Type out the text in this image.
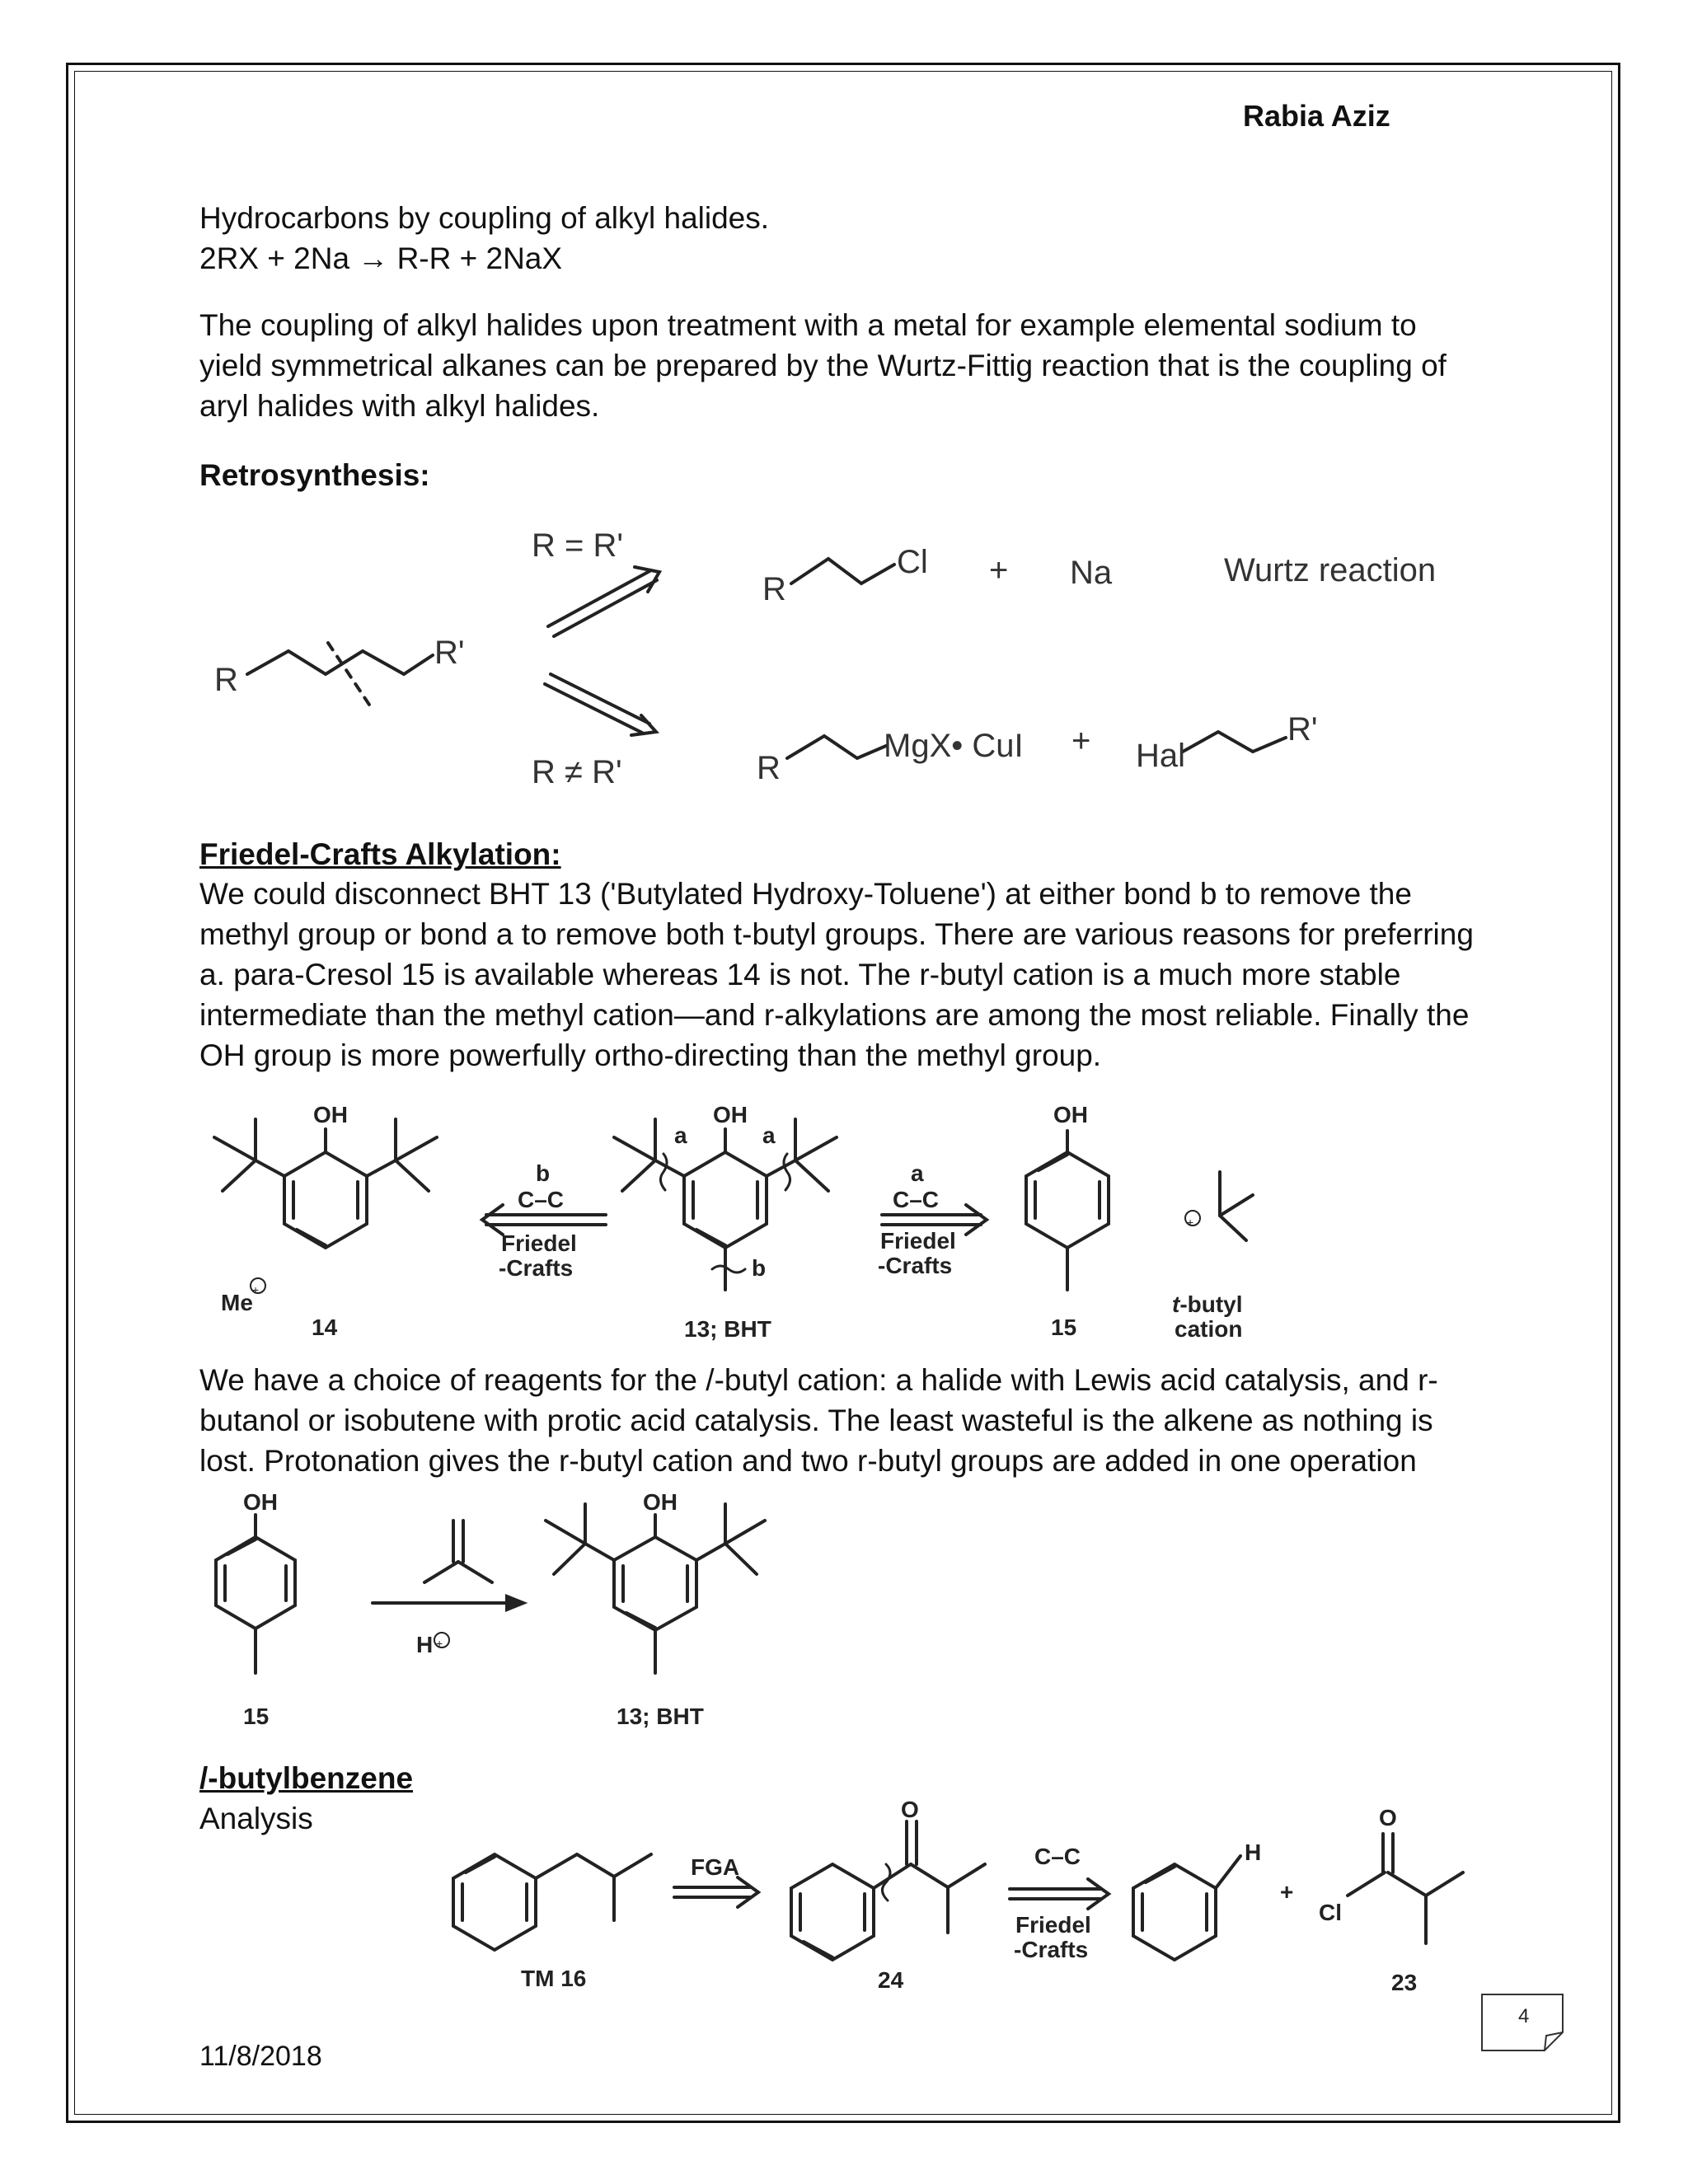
Rabia Aziz
Hydrocarbons by coupling of alkyl halides.
2RX + 2Na → R-R + 2NaX
The coupling of alkyl halides upon treatment with a metal for example elemental sodium to
yield symmetrical alkanes can be prepared by the Wurtz-Fittig reaction that is the coupling of
aryl halides with alkyl halides.
Retrosynthesis:
R
R'
R = R'
R ≠ R'
R
Cl + Na	Wurtz reaction
R
MgX• CuI + Hal
R'
Friedel-Crafts Alkylation:
We could disconnect BHT 13 ('Butylated Hydroxy-Toluene') at either bond b to remove the
methyl group or bond a to remove both t-butyl groups. There are various reasons for preferring
a. para-Cresol 15 is available whereas 14 is not. The r-butyl cation is a much more stable
intermediate than the methyl cation—and r-alkylations are among the most reliable. Finally the
OH group is more powerfully ortho-directing than the methyl group.
OH
Me +
14
b
C–C
Friedel
-Crafts
OH
a	a
b
13; BHT
a
C–C
Friedel
-Crafts
OH
15
+
t-butyl
cation
We have a choice of reagents for the /-butyl cation: a halide with Lewis acid catalysis, and r-
butanol or isobutene with protic acid catalysis. The least wasteful is the alkene as nothing is
lost. Protonation gives the r-butyl cation and two r-butyl groups are added in one operation
OH
H +
OH
15	13; BHT
/-butylbenzene
Analysis
TM 16
FGA
O
24
C–C
Friedel
-Crafts
H
+
Cl
O
23
4
11/8/2018
